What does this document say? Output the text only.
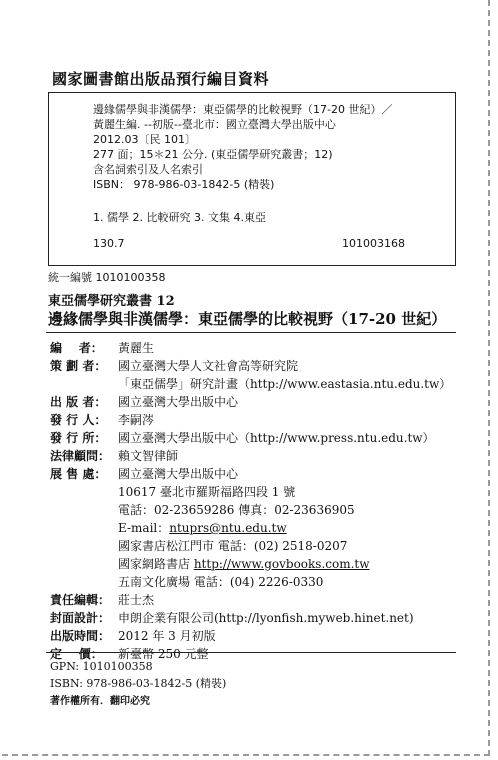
國家圖書館出版品預行編目資料
邊緣儒學與非漢儒學：東亞儒學的比較視野（17-20 世紀）／
黃麗生編. --初版--臺北市：國立臺灣大學出版中心
2012.03〔民 101〕
277 面；15＊21 公分. (東亞儒學研究叢書；12)
含名詞索引及人名索引
ISBN： 978-986-03-1842-5 (精裝)
1. 儒學 2. 比較研究 3. 文集 4.東亞
130.7	101003168
統一編號 1010100358
東亞儒學研究叢書 12
邊緣儒學與非漢儒學：東亞儒學的比較視野（17-20 世紀）
編    者： 黃麗生
策 劃 者： 國立臺灣大學人文社會高等研究院
「東亞儒學」研究計畫（http://www.eastasia.ntu.edu.tw）
出 版 者： 國立臺灣大學出版中心
發 行 人： 李嗣涔
發 行 所： 國立臺灣大學出版中心（http://www.press.ntu.edu.tw）
法律顧問： 賴文智律師
展 售 處： 國立臺灣大學出版中心
10617 臺北市羅斯福路四段 1 號
電話：02-23659286 傳真：02-23636905
E-mail：ntuprs@ntu.edu.tw
國家書店松江門市 電話：(02) 2518-0207
國家網路書店 http://www.govbooks.com.tw
五南文化廣場 電話：(04) 2226-0330
責任編輯： 莊士杰
封面設計： 申朗企業有限公司(http://lyonfish.myweb.hinet.net)
出版時間： 2012 年 3 月初版
定    價： 新臺幣 250 元整
GPN: 1010100358
ISBN: 978-986-03-1842-5 (精裝)
著作權所有．翻印必究
